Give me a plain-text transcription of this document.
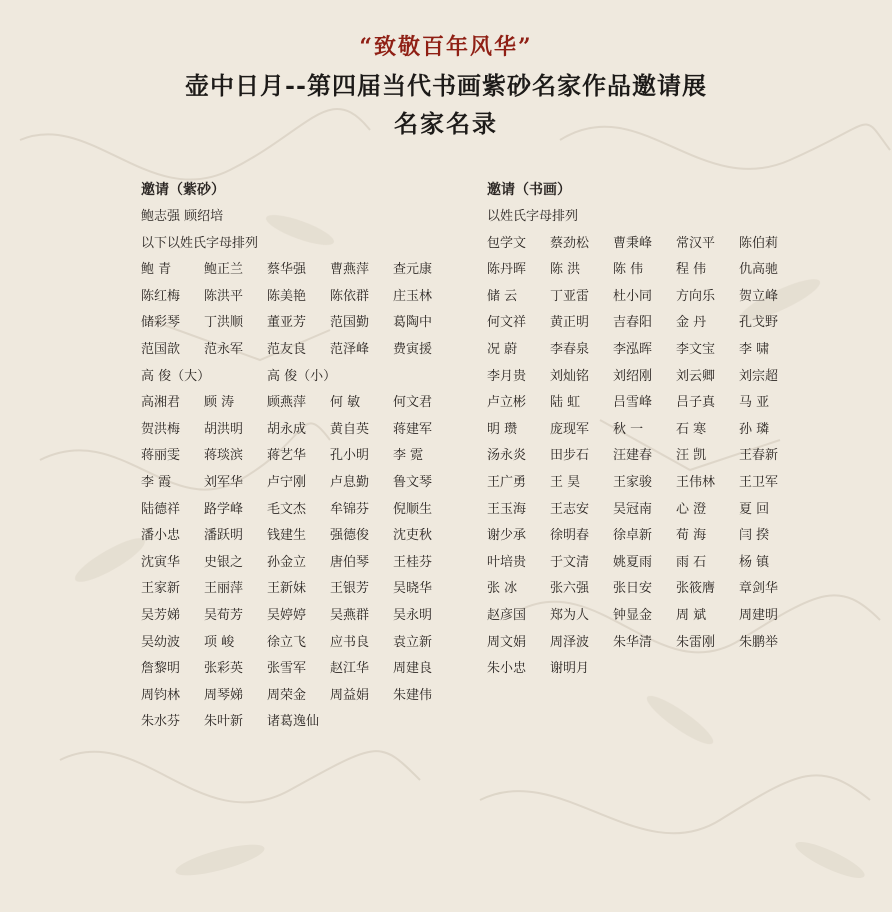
“致敬百年风华”
壶中日月--第四届当代书画紫砂名家作品邀请展
名家名录
邀请（紫砂）
鲍志强 顾绍培
以下以姓氏字母排列
鲍 青	鲍正兰	蔡华强	曹燕萍	查元康
陈红梅	陈洪平	陈美艳	陈依群	庄玉林
储彩琴	丁洪顺	董亚芳	范国勤	葛陶中
范国歆	范永军	范友良	范泽峰	费寅援
高 俊（大）	高 俊（小）
高湘君	顾 涛	顾燕萍	何 敏	何文君
贺洪梅	胡洪明	胡永成	黄自英	蒋建军
蒋丽雯	蒋琰滨	蒋艺华	孔小明	李 霓
李 霞	刘军华	卢宁刚	卢息勤	鲁文琴
陆德祥	路学峰	毛文杰	牟锦芬	倪顺生
潘小忠	潘跃明	钱建生	强德俊	沈吏秋
沈寅华	史银之	孙金立	唐伯琴	王桂芬
王家新	王丽萍	王新妹	王银芳	吴晓华
吴芳娣	吴荀芳	吴婷婷	吴燕群	吴永明
吴幼波	项 峻	徐立飞	应书良	袁立新
詹黎明	张彩英	张雪军	赵江华	周建良
周钧林	周琴娣	周荣金	周益娟	朱建伟
朱水芬	朱叶新	诸葛逸仙
邀请（书画）
以姓氏字母排列
包学文	蔡劲松	曹秉峰	常汉平	陈伯莉
陈丹晖	陈 洪	陈 伟	程 伟	仇高驰
储 云	丁亚雷	杜小同	方向乐	贺立峰
何文祥	黄正明	吉春阳	金 丹	孔戈野
况 蔚	李春泉	李泓晖	李文宝	李 啸
李月贵	刘灿铭	刘绍刚	刘云卿	刘宗超
卢立彬	陆 虹	吕雪峰	吕子真	马 亚
明 瓒	庞现军	秋 一	石 寒	孙 璘
汤永炎	田步石	汪建春	汪 凯	王春新
王广勇	王 昊	王家骏	王伟林	王卫军
王玉海	王志安	吴冠南	心 澄	夏 回
谢少承	徐明春	徐卓新	荀 海	闫 揆
叶培贵	于文清	姚夏雨	雨 石	杨 镇
张 冰	张六强	张日安	张筱膺	章剑华
赵彦国	郑为人	钟显金	周 斌	周建明
周文娟	周泽波	朱华清	朱雷刚	朱鹏举
朱小忠	谢明月
